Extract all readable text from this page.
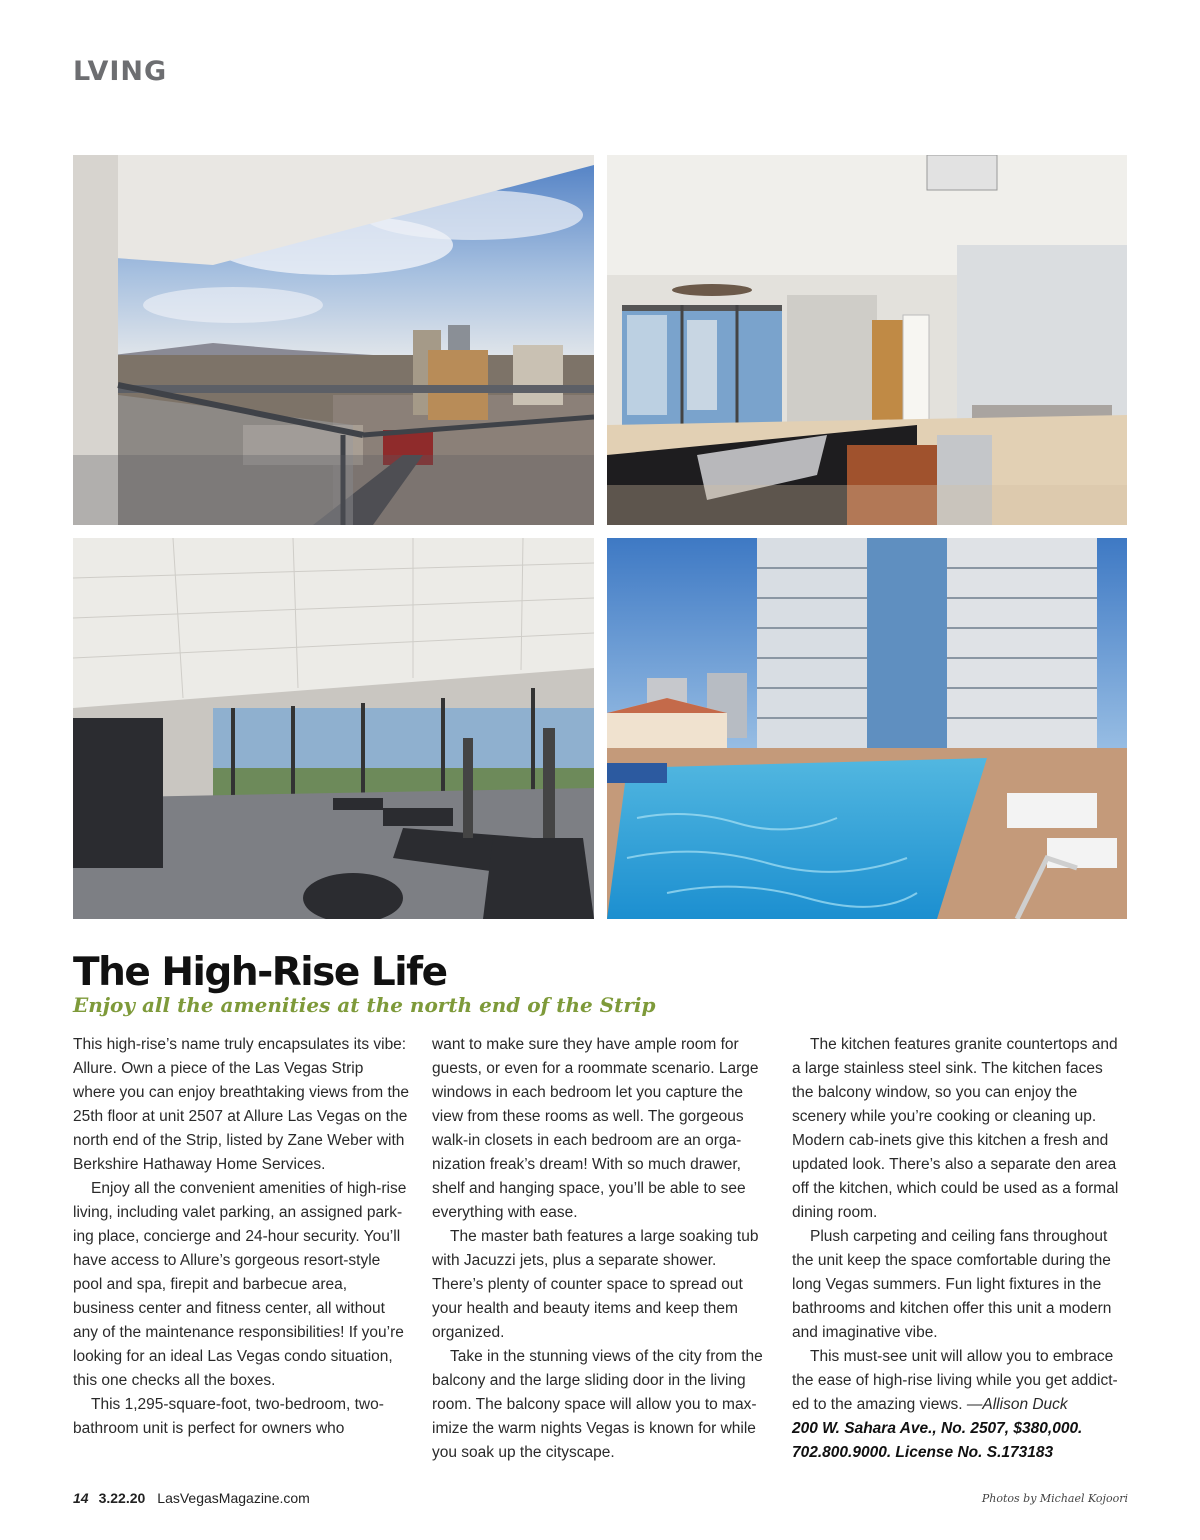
LVING
The High-Rise Life
Enjoy all the amenities at the north end of the Strip

This high-rise’s name truly encapsulates its vibe: Allure. Own a piece of the Las Vegas Strip where you can enjoy breathtaking views from the 25th floor at unit 2507 at Allure Las Vegas on the north end of the Strip, listed by Zane Weber with Berkshire Hathaway Home Services.

Enjoy all the convenient amenities of high-rise living, including valet parking, an assigned park-ing place, concierge and 24-hour security. You’ll have access to Allure’s gorgeous resort-style pool and spa, firepit and barbecue area, business center and fitness center, all without any of the maintenance responsibilities! If you’re looking for an ideal Las Vegas condo situation, this one checks all the boxes.

This 1,295-square-foot, two-bedroom, two-bathroom unit is perfect for owners who

want to make sure they have ample room for guests, or even for a roommate scenario. Large windows in each bedroom let you capture the view from these rooms as well. The gorgeous walk-in closets in each bedroom are an orga-nization freak’s dream! With so much drawer, shelf and hanging space, you’ll be able to see everything with ease.

The master bath features a large soaking tub with Jacuzzi jets, plus a separate shower. There’s plenty of counter space to spread out your health and beauty items and keep them organized.

Take in the stunning views of the city from the balcony and the large sliding door in the living room. The balcony space will allow you to max-imize the warm nights Vegas is known for while you soak up the cityscape.

The kitchen features granite countertops and a large stainless steel sink. The kitchen faces the balcony window, so you can enjoy the scenery while you’re cooking or cleaning up. Modern cab-inets give this kitchen a fresh and updated look. There’s also a separate den area off the kitchen, which could be used as a formal dining room.

Plush carpeting and ceiling fans throughout the unit keep the space comfortable during the long Vegas summers. Fun light fixtures in the bathrooms and kitchen offer this unit a modern and imaginative vibe.

This must-see unit will allow you to embrace the ease of high-rise living while you get addict-ed to the amazing views. —Allison Duck

200 W. Sahara Ave., No. 2507, $380,000.

702.800.9000. License No. S.173183

14 3.22.20 LasVegasMagazine.com	Photos by Michael Kojoori
